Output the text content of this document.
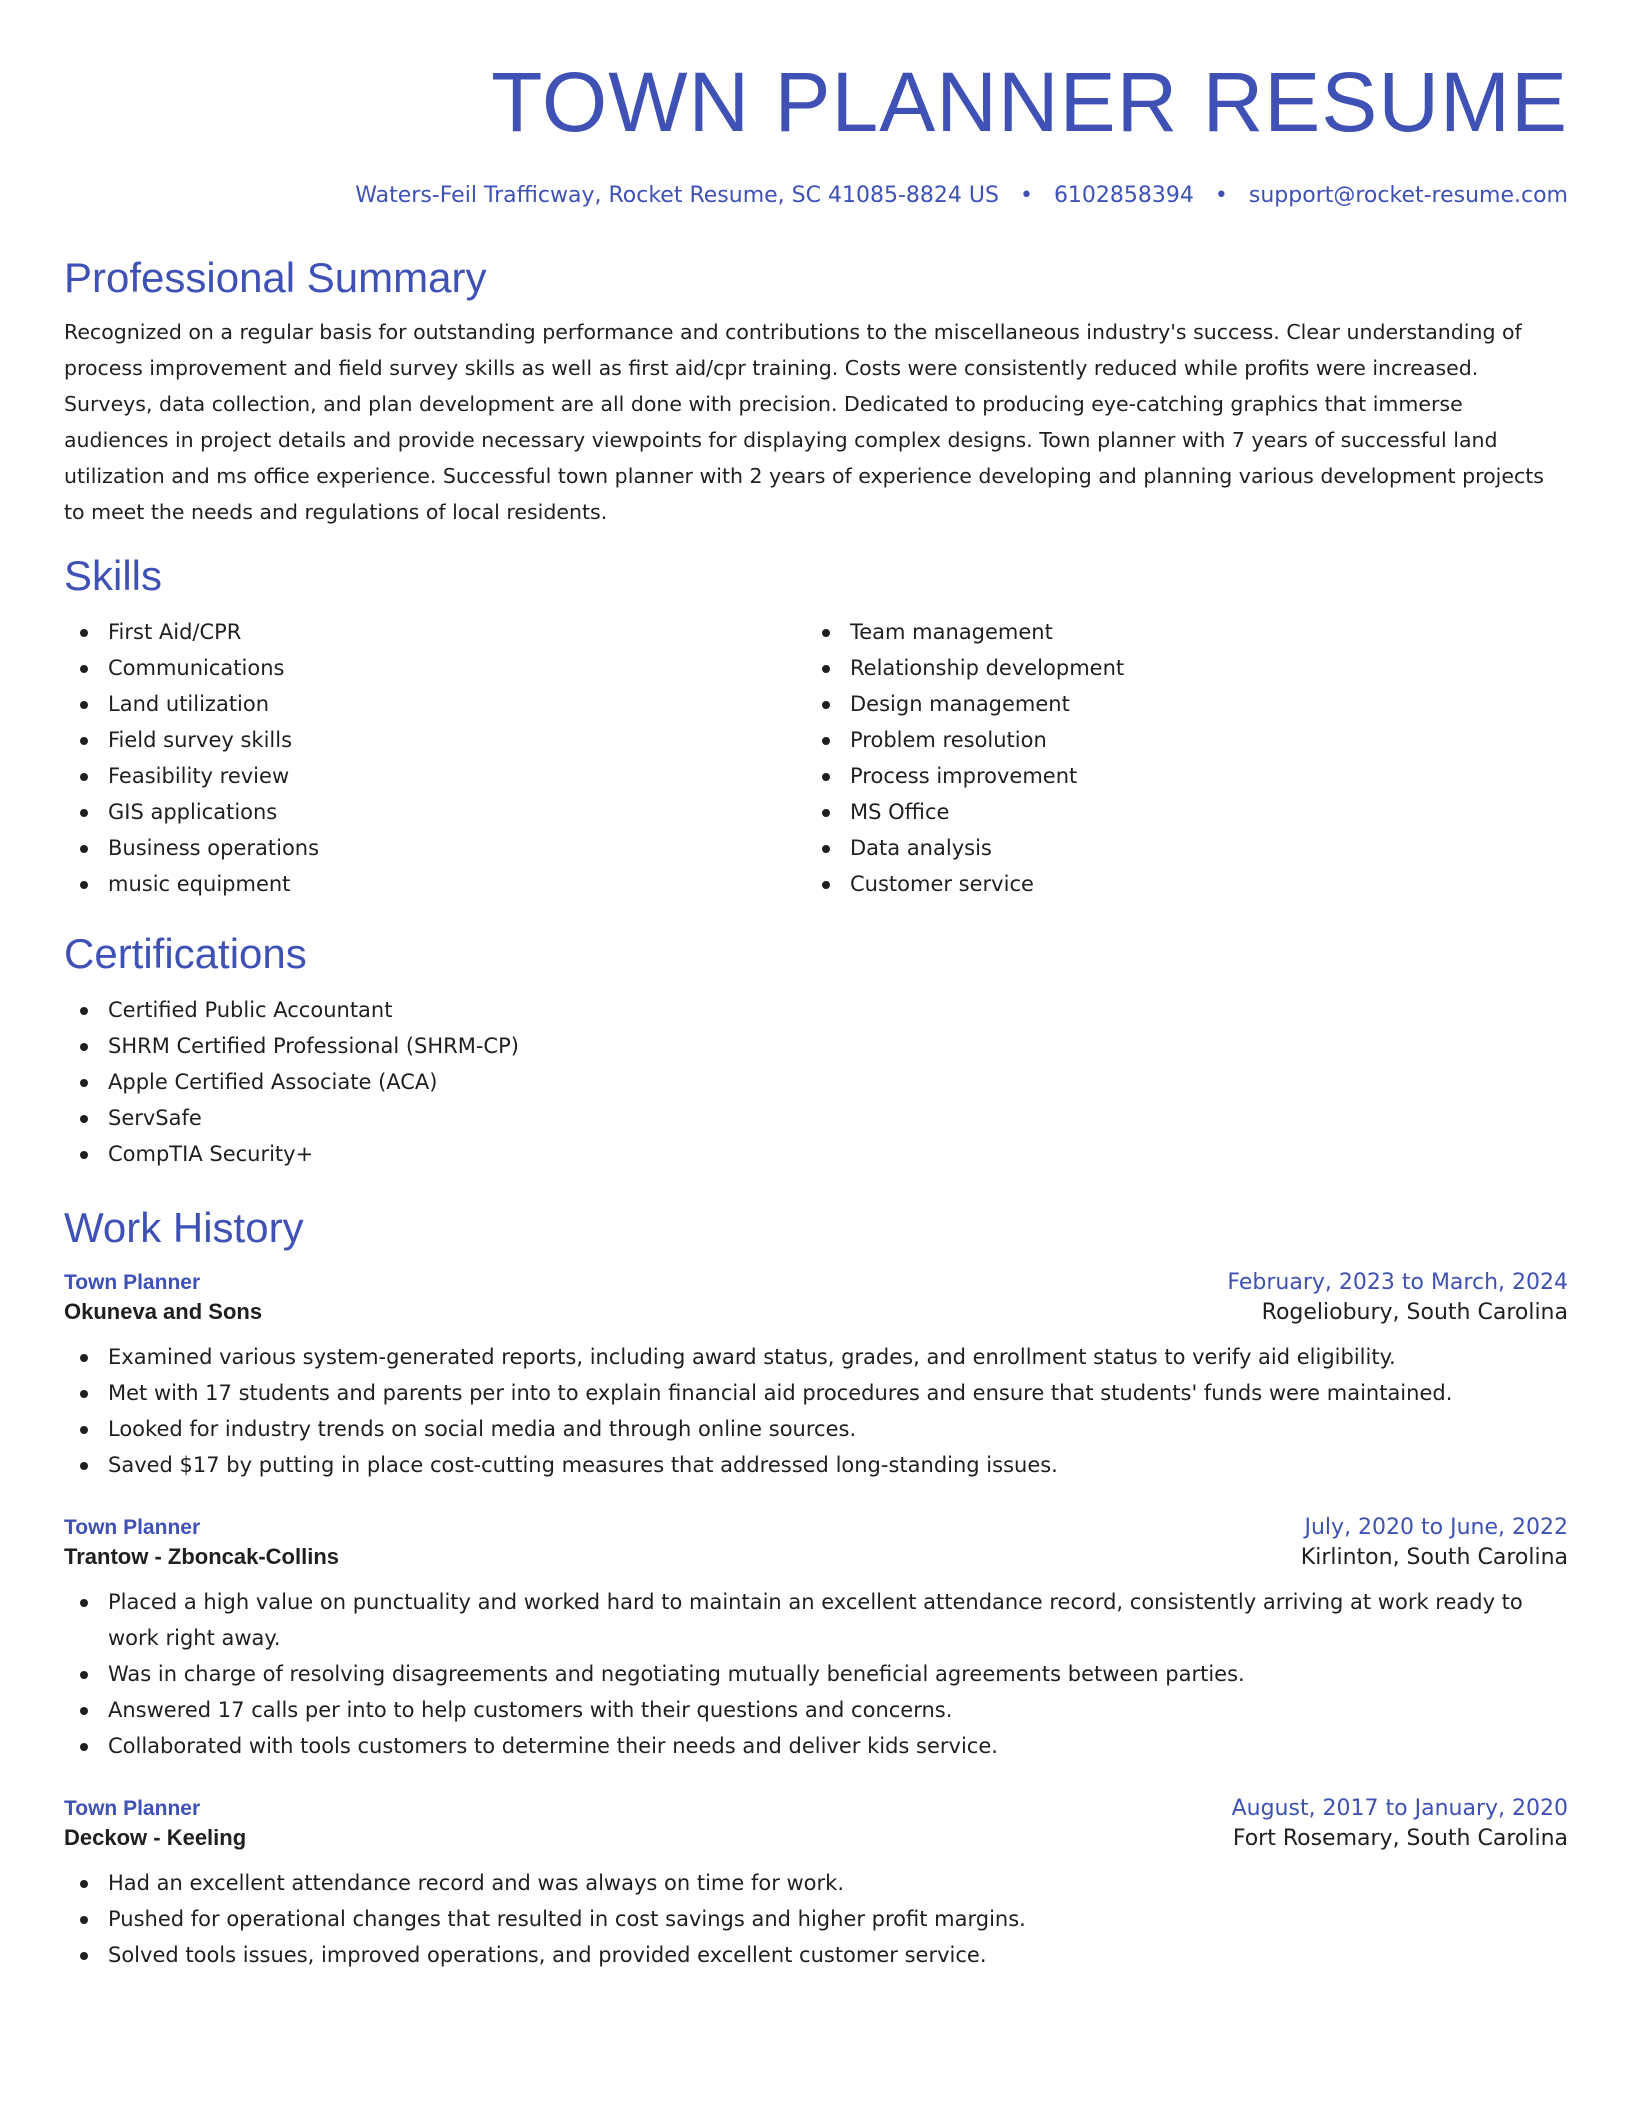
TOWN PLANNER RESUME
Waters-Feil Trafficway, Rocket Resume, SC 41085-8824 US • 6102858394 • support@rocket-resume.com
Professional Summary

Recognized on a regular basis for outstanding performance and contributions to the miscellaneous industry's success. Clear understanding of process improvement and field survey skills as well as first aid/cpr training. Costs were consistently reduced while profits were increased. Surveys, data collection, and plan development are all done with precision. Dedicated to producing eye-catching graphics that immerse audiences in project details and provide necessary viewpoints for displaying complex designs. Town planner with 7 years of successful land utilization and ms office experience. Successful town planner with 2 years of experience developing and planning various development projects to meet the needs and regulations of local residents.

Skills
First Aid/CPR
Communications
Land utilization
Field survey skills
Feasibility review
GIS applications
Business operations
music equipment
Team management
Relationship development
Design management
Problem resolution
Process improvement
MS Office
Data analysis
Customer service
Certifications
Certified Public Accountant
SHRM Certified Professional (SHRM-CP)
Apple Certified Associate (ACA)
ServSafe
CompTIA Security+
Work History
Town Planner	February, 2023 to March, 2024
Okuneva and Sons	Rogeliobury, South Carolina
Examined various system-generated reports, including award status, grades, and enrollment status to verify aid eligibility.
Met with 17 students and parents per into to explain financial aid procedures and ensure that students' funds were maintained.
Looked for industry trends on social media and through online sources.
Saved $17 by putting in place cost-cutting measures that addressed long-standing issues.
Town Planner	July, 2020 to June, 2022
Trantow - Zboncak-Collins	Kirlinton, South Carolina
Placed a high value on punctuality and worked hard to maintain an excellent attendance record, consistently arriving at work ready to work right away.
Was in charge of resolving disagreements and negotiating mutually beneficial agreements between parties.
Answered 17 calls per into to help customers with their questions and concerns.
Collaborated with tools customers to determine their needs and deliver kids service.
Town Planner	August, 2017 to January, 2020
Deckow - Keeling	Fort Rosemary, South Carolina
Had an excellent attendance record and was always on time for work.
Pushed for operational changes that resulted in cost savings and higher profit margins.
Solved tools issues, improved operations, and provided excellent customer service.
